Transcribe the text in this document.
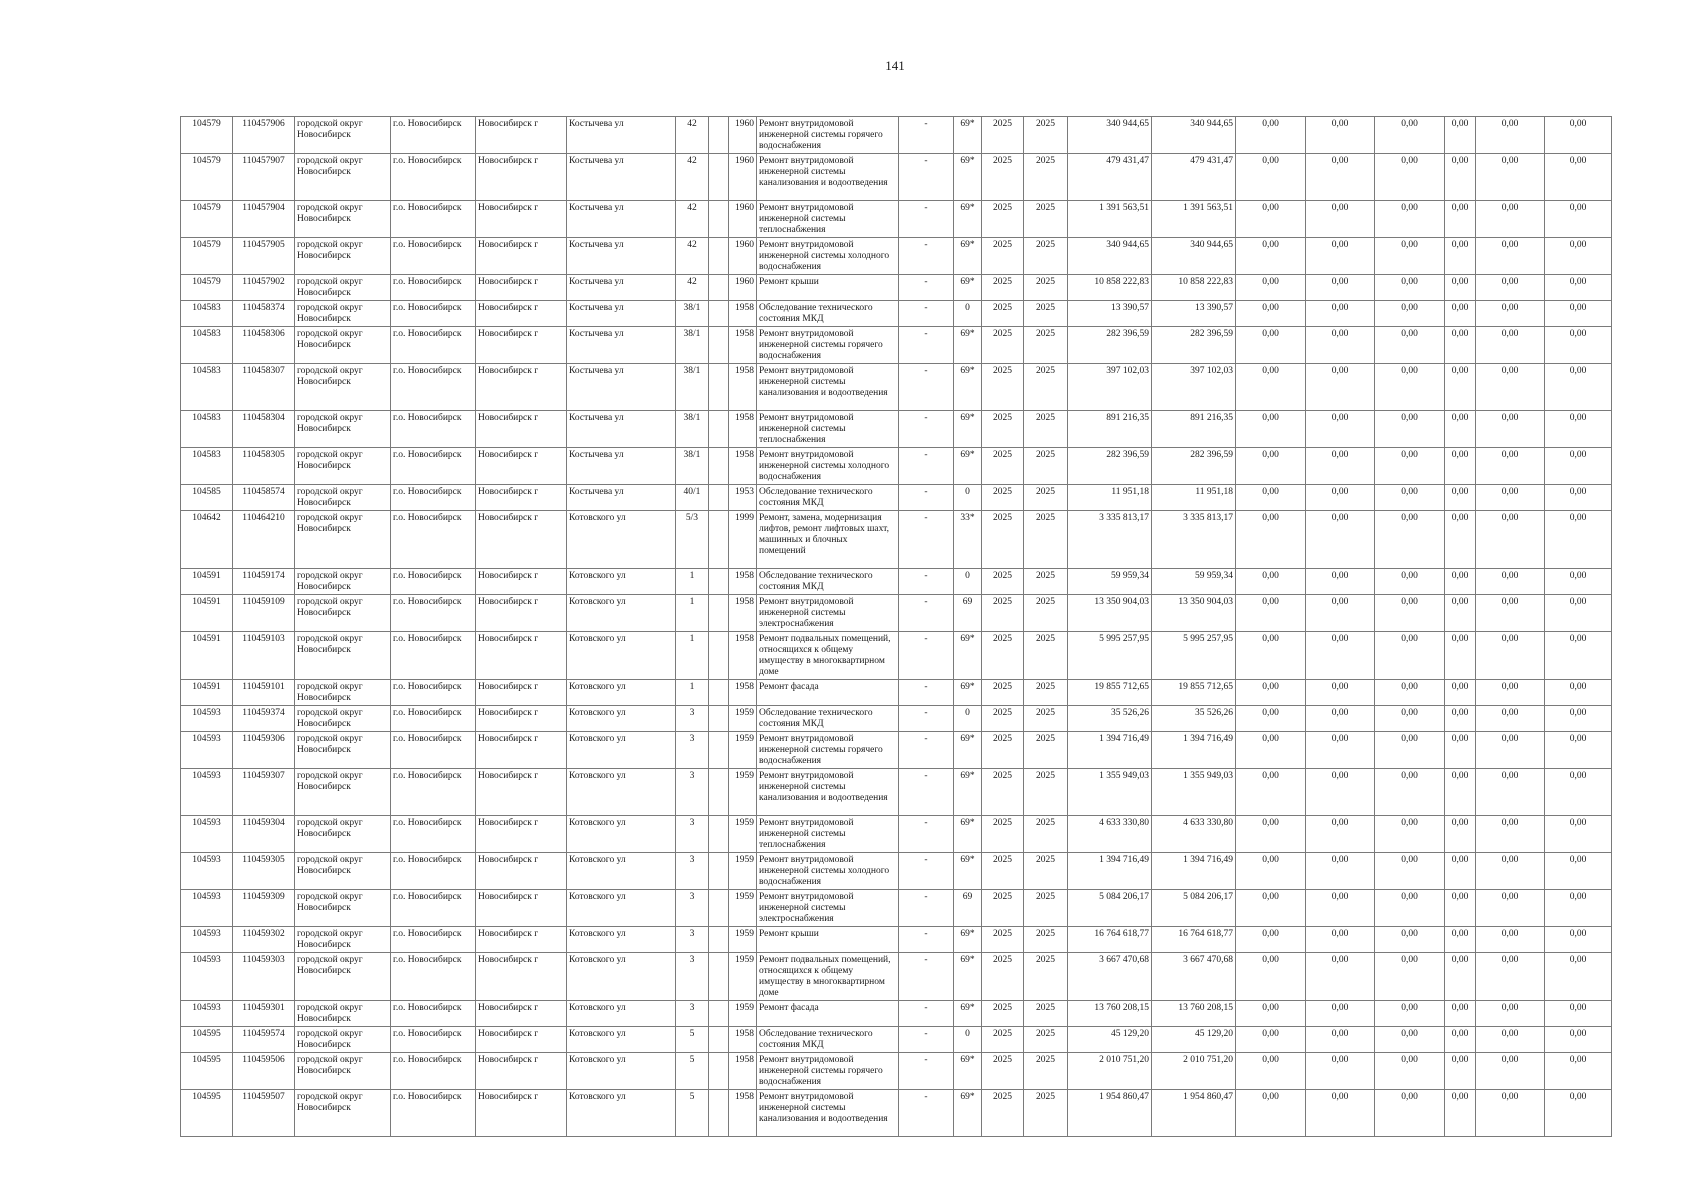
141
104579	110457906	городской округ Новосибирск	г.о. Новосибирск	Новосибирск г	Костычева ул	42		1960	Ремонт внутридомовой инженерной системы горячего водоснабжения	-	69*	2025	2025	340 944,65	340 944,65	0,00	0,00	0,00	0,00	0,00	0,00
104579	110457907	городской округ Новосибирск	г.о. Новосибирск	Новосибирск г	Костычева ул	42		1960	Ремонт внутридомовой инженерной системы канализования и водоотведения	-	69*	2025	2025	479 431,47	479 431,47	0,00	0,00	0,00	0,00	0,00	0,00
104579	110457904	городской округ Новосибирск	г.о. Новосибирск	Новосибирск г	Костычева ул	42		1960	Ремонт внутридомовой инженерной системы теплоснабжения	-	69*	2025	2025	1 391 563,51	1 391 563,51	0,00	0,00	0,00	0,00	0,00	0,00
104579	110457905	городской округ Новосибирск	г.о. Новосибирск	Новосибирск г	Костычева ул	42		1960	Ремонт внутридомовой инженерной системы холодного водоснабжения	-	69*	2025	2025	340 944,65	340 944,65	0,00	0,00	0,00	0,00	0,00	0,00
104579	110457902	городской округ Новосибирск	г.о. Новосибирск	Новосибирск г	Костычева ул	42		1960	Ремонт крыши	-	69*	2025	2025	10 858 222,83	10 858 222,83	0,00	0,00	0,00	0,00	0,00	0,00
104583	110458374	городской округ Новосибирск	г.о. Новосибирск	Новосибирск г	Костычева ул	38/1		1958	Обследование технического состояния МКД	-	0	2025	2025	13 390,57	13 390,57	0,00	0,00	0,00	0,00	0,00	0,00
104583	110458306	городской округ Новосибирск	г.о. Новосибирск	Новосибирск г	Костычева ул	38/1		1958	Ремонт внутридомовой инженерной системы горячего водоснабжения	-	69*	2025	2025	282 396,59	282 396,59	0,00	0,00	0,00	0,00	0,00	0,00
104583	110458307	городской округ Новосибирск	г.о. Новосибирск	Новосибирск г	Костычева ул	38/1		1958	Ремонт внутридомовой инженерной системы канализования и водоотведения	-	69*	2025	2025	397 102,03	397 102,03	0,00	0,00	0,00	0,00	0,00	0,00
104583	110458304	городской округ Новосибирск	г.о. Новосибирск	Новосибирск г	Костычева ул	38/1		1958	Ремонт внутридомовой инженерной системы теплоснабжения	-	69*	2025	2025	891 216,35	891 216,35	0,00	0,00	0,00	0,00	0,00	0,00
104583	110458305	городской округ Новосибирск	г.о. Новосибирск	Новосибирск г	Костычева ул	38/1		1958	Ремонт внутридомовой инженерной системы холодного водоснабжения	-	69*	2025	2025	282 396,59	282 396,59	0,00	0,00	0,00	0,00	0,00	0,00
104585	110458574	городской округ Новосибирск	г.о. Новосибирск	Новосибирск г	Костычева ул	40/1		1953	Обследование технического состояния МКД	-	0	2025	2025	11 951,18	11 951,18	0,00	0,00	0,00	0,00	0,00	0,00
104642	110464210	городской округ Новосибирск	г.о. Новосибирск	Новосибирск г	Котовского ул	5/3		1999	Ремонт, замена, модернизация лифтов, ремонт лифтовых шахт, машинных и блочных помещений	-	33*	2025	2025	3 335 813,17	3 335 813,17	0,00	0,00	0,00	0,00	0,00	0,00
104591	110459174	городской округ Новосибирск	г.о. Новосибирск	Новосибирск г	Котовского ул	1		1958	Обследование технического состояния МКД	-	0	2025	2025	59 959,34	59 959,34	0,00	0,00	0,00	0,00	0,00	0,00
104591	110459109	городской округ Новосибирск	г.о. Новосибирск	Новосибирск г	Котовского ул	1		1958	Ремонт внутридомовой инженерной системы электроснабжения	-	69	2025	2025	13 350 904,03	13 350 904,03	0,00	0,00	0,00	0,00	0,00	0,00
104591	110459103	городской округ Новосибирск	г.о. Новосибирск	Новосибирск г	Котовского ул	1		1958	Ремонт подвальных помещений, относящихся к общему имуществу в многоквартирном доме	-	69*	2025	2025	5 995 257,95	5 995 257,95	0,00	0,00	0,00	0,00	0,00	0,00
104591	110459101	городской округ Новосибирск	г.о. Новосибирск	Новосибирск г	Котовского ул	1		1958	Ремонт фасада	-	69*	2025	2025	19 855 712,65	19 855 712,65	0,00	0,00	0,00	0,00	0,00	0,00
104593	110459374	городской округ Новосибирск	г.о. Новосибирск	Новосибирск г	Котовского ул	3		1959	Обследование технического состояния МКД	-	0	2025	2025	35 526,26	35 526,26	0,00	0,00	0,00	0,00	0,00	0,00
104593	110459306	городской округ Новосибирск	г.о. Новосибирск	Новосибирск г	Котовского ул	3		1959	Ремонт внутридомовой инженерной системы горячего водоснабжения	-	69*	2025	2025	1 394 716,49	1 394 716,49	0,00	0,00	0,00	0,00	0,00	0,00
104593	110459307	городской округ Новосибирск	г.о. Новосибирск	Новосибирск г	Котовского ул	3		1959	Ремонт внутридомовой инженерной системы канализования и водоотведения	-	69*	2025	2025	1 355 949,03	1 355 949,03	0,00	0,00	0,00	0,00	0,00	0,00
104593	110459304	городской округ Новосибирск	г.о. Новосибирск	Новосибирск г	Котовского ул	3		1959	Ремонт внутридомовой инженерной системы теплоснабжения	-	69*	2025	2025	4 633 330,80	4 633 330,80	0,00	0,00	0,00	0,00	0,00	0,00
104593	110459305	городской округ Новосибирск	г.о. Новосибирск	Новосибирск г	Котовского ул	3		1959	Ремонт внутридомовой инженерной системы холодного водоснабжения	-	69*	2025	2025	1 394 716,49	1 394 716,49	0,00	0,00	0,00	0,00	0,00	0,00
104593	110459309	городской округ Новосибирск	г.о. Новосибирск	Новосибирск г	Котовского ул	3		1959	Ремонт внутридомовой инженерной системы электроснабжения	-	69	2025	2025	5 084 206,17	5 084 206,17	0,00	0,00	0,00	0,00	0,00	0,00
104593	110459302	городской округ Новосибирск	г.о. Новосибирск	Новосибирск г	Котовского ул	3		1959	Ремонт крыши	-	69*	2025	2025	16 764 618,77	16 764 618,77	0,00	0,00	0,00	0,00	0,00	0,00
104593	110459303	городской округ Новосибирск	г.о. Новосибирск	Новосибирск г	Котовского ул	3		1959	Ремонт подвальных помещений, относящихся к общему имуществу в многоквартирном доме	-	69*	2025	2025	3 667 470,68	3 667 470,68	0,00	0,00	0,00	0,00	0,00	0,00
104593	110459301	городской округ Новосибирск	г.о. Новосибирск	Новосибирск г	Котовского ул	3		1959	Ремонт фасада	-	69*	2025	2025	13 760 208,15	13 760 208,15	0,00	0,00	0,00	0,00	0,00	0,00
104595	110459574	городской округ Новосибирск	г.о. Новосибирск	Новосибирск г	Котовского ул	5		1958	Обследование технического состояния МКД	-	0	2025	2025	45 129,20	45 129,20	0,00	0,00	0,00	0,00	0,00	0,00
104595	110459506	городской округ Новосибирск	г.о. Новосибирск	Новосибирск г	Котовского ул	5		1958	Ремонт внутридомовой инженерной системы горячего водоснабжения	-	69*	2025	2025	2 010 751,20	2 010 751,20	0,00	0,00	0,00	0,00	0,00	0,00
104595	110459507	городской округ Новосибирск	г.о. Новосибирск	Новосибирск г	Котовского ул	5		1958	Ремонт внутридомовой инженерной системы канализования и водоотведения	-	69*	2025	2025	1 954 860,47	1 954 860,47	0,00	0,00	0,00	0,00	0,00	0,00
